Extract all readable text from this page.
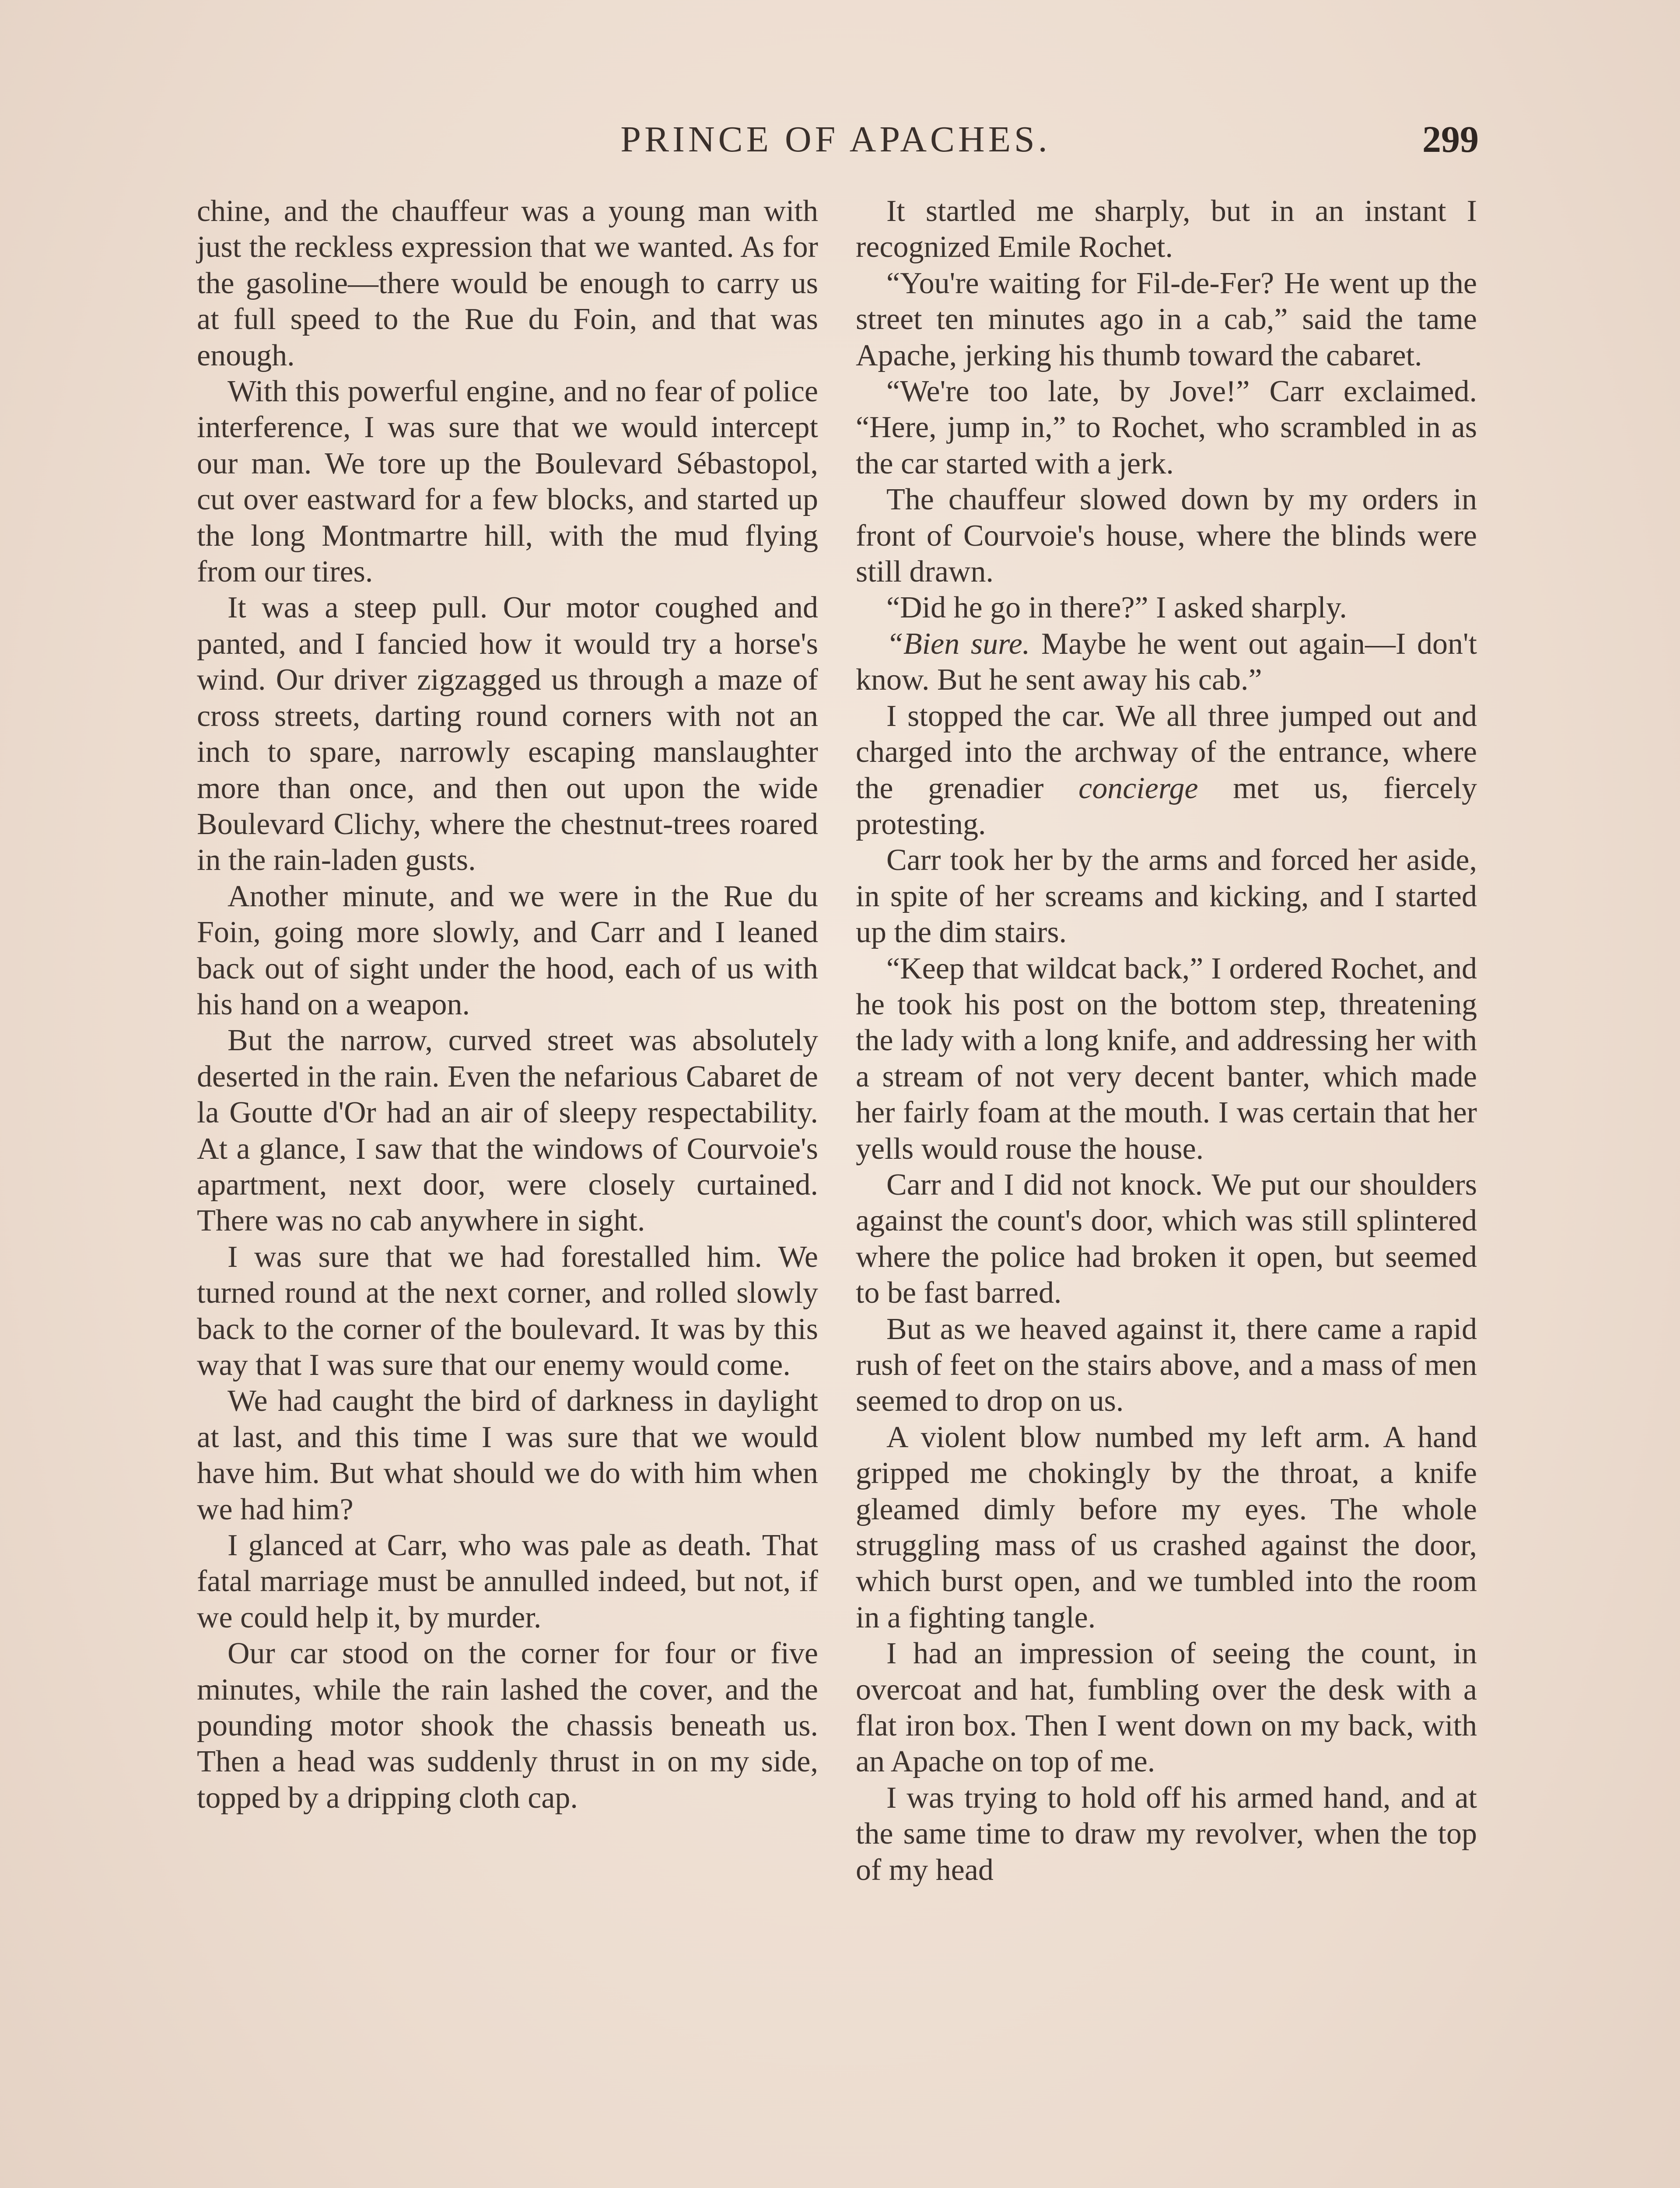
PRINCE OF APACHES.	299

chine, and the chauffeur was a young man with just the reckless expression that we wanted. As for the gasoline—there would be enough to carry us at full speed to the Rue du Foin, and that was enough.

With this powerful engine, and no fear of police interference, I was sure that we would intercept our man. We tore up the Boulevard Sébastopol, cut over eastward for a few blocks, and started up the long Montmartre hill, with the mud flying from our tires.

It was a steep pull. Our motor coughed and panted, and I fancied how it would try a horse's wind. Our driver zigzagged us through a maze of cross streets, darting round corners with not an inch to spare, narrowly escaping manslaughter more than once, and then out upon the wide Boulevard Clichy, where the chestnut-trees roared in the rain-laden gusts.

Another minute, and we were in the Rue du Foin, going more slowly, and Carr and I leaned back out of sight under the hood, each of us with his hand on a weapon.

But the narrow, curved street was absolutely deserted in the rain. Even the nefarious Cabaret de la Goutte d'Or had an air of sleepy respectability. At a glance, I saw that the windows of Courvoie's apartment, next door, were closely curtained. There was no cab anywhere in sight.

I was sure that we had forestalled him. We turned round at the next corner, and rolled slowly back to the corner of the boulevard. It was by this way that I was sure that our enemy would come.

We had caught the bird of darkness in daylight at last, and this time I was sure that we would have him. But what should we do with him when we had him?

I glanced at Carr, who was pale as death. That fatal marriage must be annulled indeed, but not, if we could help it, by murder.

Our car stood on the corner for four or five minutes, while the rain lashed the cover, and the pounding motor shook the chassis beneath us. Then a head was suddenly thrust in on my side, topped by a dripping cloth cap.

It startled me sharply, but in an instant I recognized Emile Rochet.

“You're waiting for Fil-de-Fer? He went up the street ten minutes ago in a cab,” said the tame Apache, jerking his thumb toward the cabaret.

“We're too late, by Jove!” Carr exclaimed. “Here, jump in,” to Rochet, who scrambled in as the car started with a jerk.

The chauffeur slowed down by my orders in front of Courvoie's house, where the blinds were still drawn.

“Did he go in there?” I asked sharply.

“Bien sure. Maybe he went out again—I don't know. But he sent away his cab.”

I stopped the car. We all three jumped out and charged into the archway of the entrance, where the grenadier concierge met us, fiercely protesting.

Carr took her by the arms and forced her aside, in spite of her screams and kicking, and I started up the dim stairs.

“Keep that wildcat back,” I ordered Rochet, and he took his post on the bottom step, threatening the lady with a long knife, and addressing her with a stream of not very decent banter, which made her fairly foam at the mouth. I was certain that her yells would rouse the house.

Carr and I did not knock. We put our shoulders against the count's door, which was still splintered where the police had broken it open, but seemed to be fast barred.

But as we heaved against it, there came a rapid rush of feet on the stairs above, and a mass of men seemed to drop on us.

A violent blow numbed my left arm. A hand gripped me chokingly by the throat, a knife gleamed dimly before my eyes. The whole struggling mass of us crashed against the door, which burst open, and we tumbled into the room in a fighting tangle.

I had an impression of seeing the count, in overcoat and hat, fumbling over the desk with a flat iron box. Then I went down on my back, with an Apache on top of me.

I was trying to hold off his armed hand, and at the same time to draw my revolver, when the top of my head
